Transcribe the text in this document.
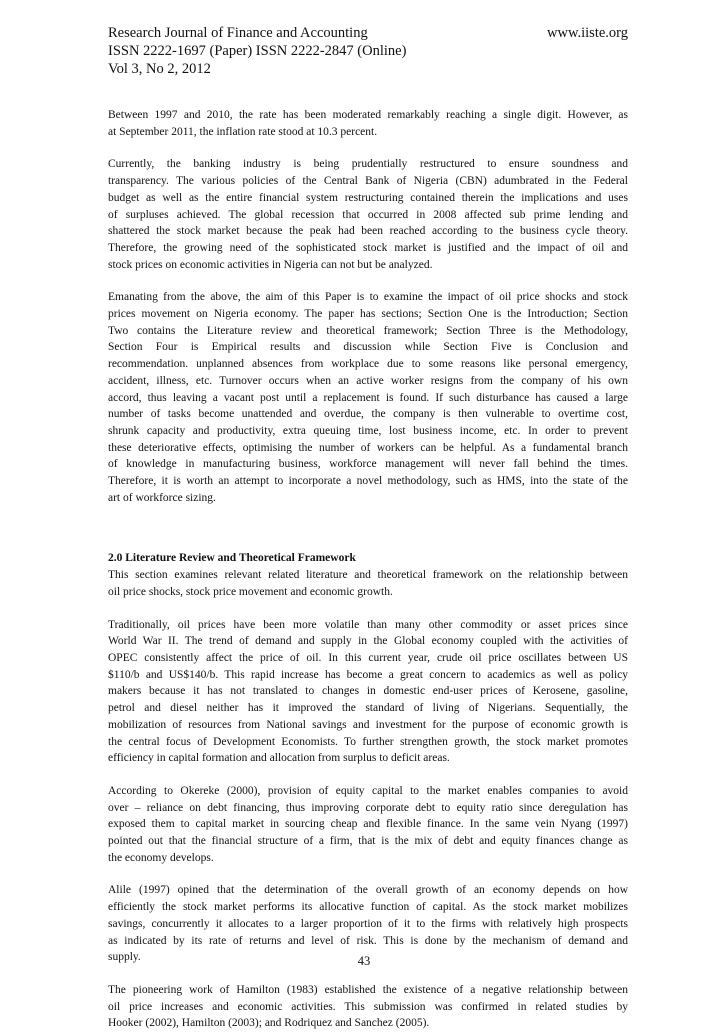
Research Journal of Finance and Accounting	www.iiste.org
ISSN 2222-1697 (Paper) ISSN 2222-2847 (Online)
Vol 3, No 2, 2012

Between 1997 and 2010, the rate has been moderated remarkably reaching a single digit. However, as
at September 2011, the inflation rate stood at 10.3 percent.

Currently, the banking industry is being prudentially restructured to ensure soundness and
transparency. The various policies of the Central Bank of Nigeria (CBN) adumbrated in the Federal
budget as well as the entire financial system restructuring contained therein the implications and uses
of surpluses achieved. The global recession that occurred in 2008 affected sub prime lending and
shattered the stock market because the peak had been reached according to the business cycle theory.
Therefore, the growing need of the sophisticated stock market is justified and the impact of oil and
stock prices on economic activities in Nigeria can not but be analyzed.

Emanating from the above, the aim of this Paper is to examine the impact of oil price shocks and stock
prices movement on Nigeria economy. The paper has sections; Section One is the Introduction; Section
Two contains the Literature review and theoretical framework; Section Three is the Methodology,
Section Four is Empirical results and discussion while Section Five is Conclusion and
recommendation. unplanned absences from workplace due to some reasons like personal emergency,
accident, illness, etc. Turnover occurs when an active worker resigns from the company of his own
accord, thus leaving a vacant post until a replacement is found. If such disturbance has caused a large
number of tasks become unattended and overdue, the company is then vulnerable to overtime cost,
shrunk capacity and productivity, extra queuing time, lost business income, etc. In order to prevent
these deteriorative effects, optimising the number of workers can be helpful. As a fundamental branch
of knowledge in manufacturing business, workforce management will never fall behind the times.
Therefore, it is worth an attempt to incorporate a novel methodology, such as HMS, into the state of the
art of workforce sizing.

2.0 Literature Review and Theoretical Framework

This section examines relevant related literature and theoretical framework on the relationship between
oil price shocks, stock price movement and economic growth.

Traditionally, oil prices have been more volatile than many other commodity or asset prices since
World War II. The trend of demand and supply in the Global economy coupled with the activities of
OPEC consistently affect the price of oil. In this current year, crude oil price oscillates between US
$110/b and US$140/b. This rapid increase has become a great concern to academics as well as policy
makers because it has not translated to changes in domestic end-user prices of Kerosene, gasoline,
petrol and diesel neither has it improved the standard of living of Nigerians. Sequentially, the
mobilization of resources from National savings and investment for the purpose of economic growth is
the central focus of Development Economists. To further strengthen growth, the stock market promotes
efficiency in capital formation and allocation from surplus to deficit areas.

According to Okereke (2000), provision of equity capital to the market enables companies to avoid
over – reliance on debt financing, thus improving corporate debt to equity ratio since deregulation has
exposed them to capital market in sourcing cheap and flexible finance. In the same vein Nyang (1997)
pointed out that the financial structure of a firm, that is the mix of debt and equity finances change as
the economy develops.

Alile (1997) opined that the determination of the overall growth of an economy depends on how
efficiently the stock market performs its allocative function of capital. As the stock market mobilizes
savings, concurrently it allocates to a larger proportion of it to the firms with relatively high prospects
as indicated by its rate of returns and level of risk. This is done by the mechanism of demand and
supply.

The pioneering work of Hamilton (1983) established the existence of a negative relationship between
oil price increases and economic activities. This submission was confirmed in related studies by
Hooker (2002), Hamilton (2003); and Rodriquez and Sanchez (2005).

43
